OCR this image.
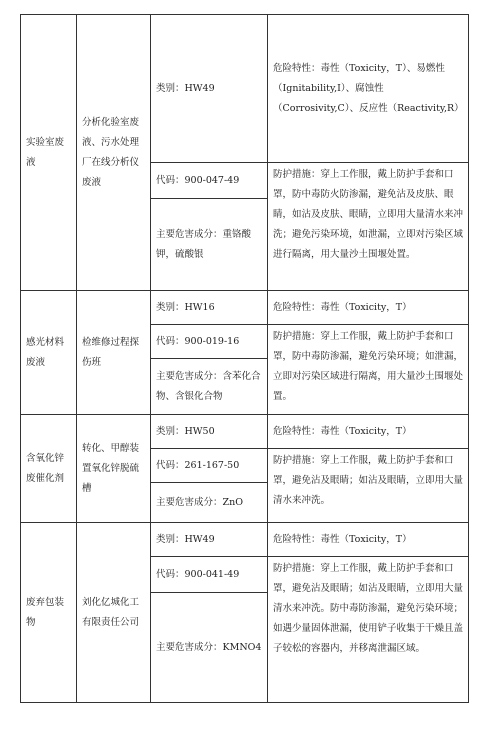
实验室废液	分析化验室废液、污水处理厂在线分析仪废液	类别：HW49	危险特性：毒性（Toxicity，T）、易燃性（Ignitability,I）、腐蚀性（Corrosivity,C）、反应性（Reactivity,R）
		代码：900-047-49	防护措施：穿上工作服，戴上防护手套和口罩，防中毒防火防渗漏，避免沾及皮肤、眼睛，如沾及皮肤、眼睛，立即用大量清水来冲洗；避免污染环境，如泄漏，立即对污染区域进行隔离，用大量沙土围堰处置。
		主要危害成分：重铬酸钾，硫酸银	
感光材料废液	检维修过程探伤班	类别：HW16	危险特性：毒性（Toxicity，T）
		代码：900-019-16	防护措施：穿上工作服，戴上防护手套和口罩，防中毒防渗漏，避免污染环境；如泄漏，立即对污染区域进行隔离，用大量沙土围堰处置。
		主要危害成分：含苯化合物、含银化合物	
含氧化锌废催化剂	转化、甲醇装置氧化锌脱硫槽	类别：HW50	危险特性：毒性（Toxicity，T）
		代码：261-167-50	防护措施：穿上工作服，戴上防护手套和口罩，避免沾及眼睛；如沾及眼睛，立即用大量清水来冲洗。
		主要危害成分：ZnO	
废弃包装物	刘化亿城化工有限责任公司	类别：HW49	危险特性：毒性（Toxicity，T）
		代码：900-041-49	防护措施：穿上工作服，戴上防护手套和口罩，避免沾及眼睛；如沾及眼睛，立即用大量清水来冲洗。防中毒防渗漏，避免污染环境；如遇少量固体泄漏，使用铲子收集于干燥且盖子较松的容器内，并移离泄漏区域。
		主要危害成分：KMNO4	
